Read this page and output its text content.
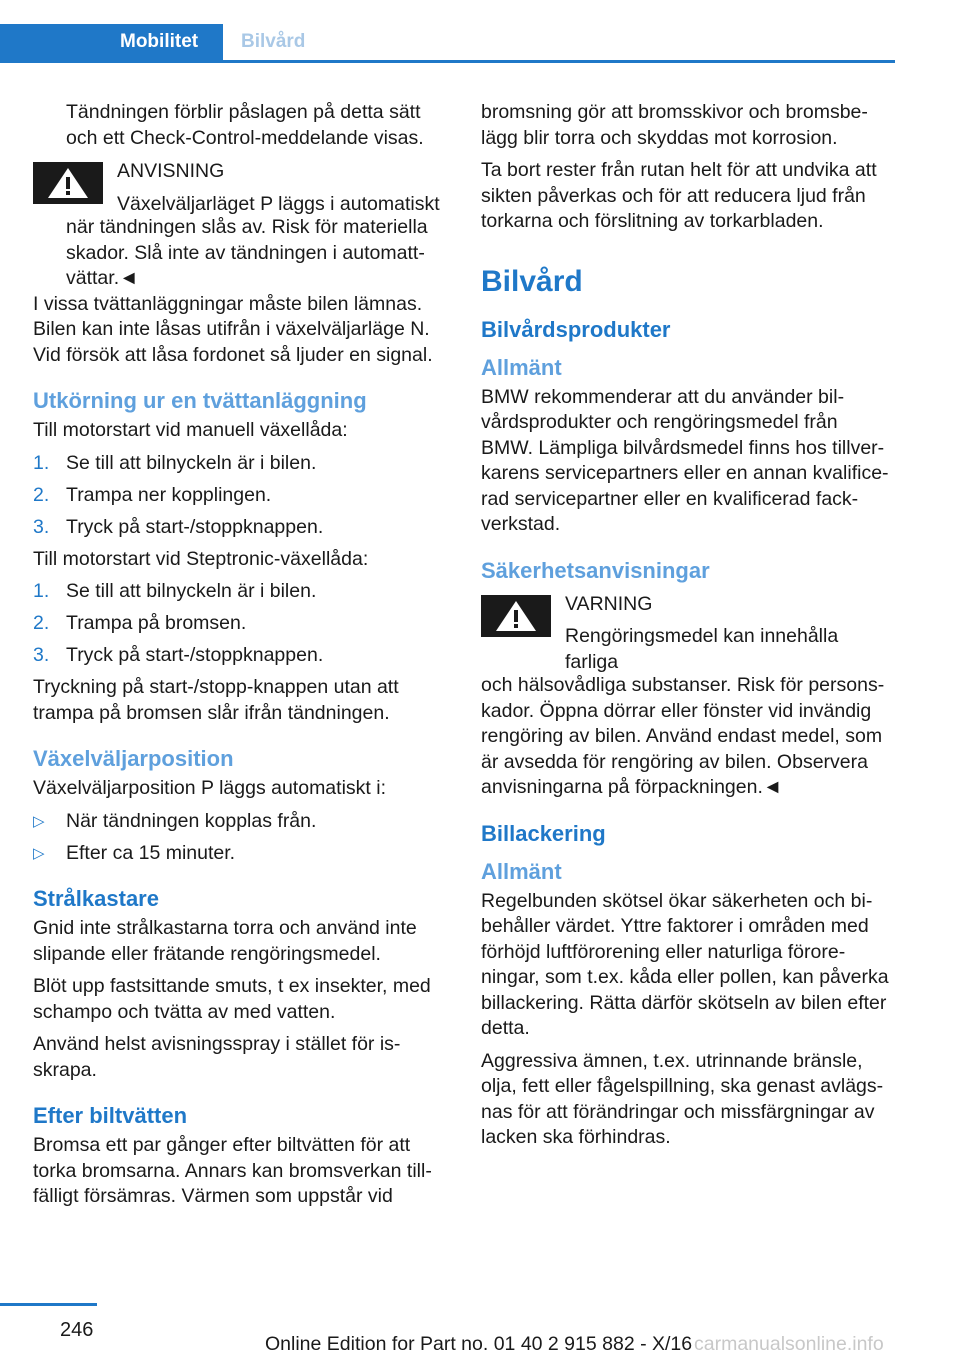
Mobilitet	Bilvård

Tändningen förblir påslagen på detta sätt och ett Check-Control-meddelande visas.

ANVISNING
Växelväljarläget P läggs i automatiskt

när tändningen slås av. Risk för materiella skador. Slå inte av tändningen i automattvättar.◄

I vissa tvättanläggningar måste bilen lämnas. Bilen kan inte låsas utifrån i växelväljarläge N. Vid försök att låsa fordonet så ljuder en signal.

Utkörning ur en tvättanläggning

Till motorstart vid manuell växellåda:

1. Se till att bilnyckeln är i bilen.
2. Trampa ner kopplingen.
3. Tryck på start-/stoppknappen.

Till motorstart vid Steptronic-växellåda:

1. Se till att bilnyckeln är i bilen.
2. Trampa på bromsen.
3. Tryck på start-/stoppknappen.

Tryckning på start-/stopp-knappen utan att trampa på bromsen slår ifrån tändningen.

Växelväljarposition

Växelväljarposition P läggs automatiskt i:

▷ När tändningen kopplas från.
▷ Efter ca 15 minuter.
Strålkastare

Gnid inte strålkastarna torra och använd inte slipande eller frätande rengöringsmedel.

Blöt upp fastsittande smuts, t ex insekter, med schampo och tvätta av med vatten.

Använd helst avisningsspray i stället för isskrapa.

Efter biltvätten

Bromsa ett par gånger efter biltvätten för att torka bromsarna. Annars kan bromsverkan tillfälligt försämras. Värmen som uppstår vid

bromsning gör att bromsskivor och bromsbelägg blir torra och skyddas mot korrosion.

Ta bort rester från rutan helt för att undvika att sikten påverkas och för att reducera ljud från torkarna och förslitning av torkarbladen.

Bilvård
Bilvårdsprodukter
Allmänt

BMW rekommenderar att du använder bilvårdsprodukter och rengöringsmedel från BMW. Lämpliga bilvårdsmedel finns hos tillverkarens servicepartners eller en annan kvalificerad servicepartner eller en kvalificerad fackverkstad.

Säkerhetsanvisningar
VARNING
Rengöringsmedel kan innehålla farliga

och hälsovådliga substanser. Risk för personskador. Öppna dörrar eller fönster vid invändig rengöring av bilen. Använd endast medel, som är avsedda för rengöring av bilen. Observera anvisningarna på förpackningen.◄

Billackering
Allmänt

Regelbunden skötsel ökar säkerheten och bibehåller värdet. Yttre faktorer i områden med förhöjd luftförorening eller naturliga föroreningar, som t.ex. kåda eller pollen, kan påverka billackering. Rätta därför skötseln av bilen efter detta.

Aggressiva ämnen, t.ex. utrinnande bränsle, olja, fett eller fågelspillning, ska genast avlägsnas för att förändringar och missfärgningar av lacken ska förhindras.

246
Online Edition for Part no. 01 40 2 915 882 - X/16 carmanualsonline.info
